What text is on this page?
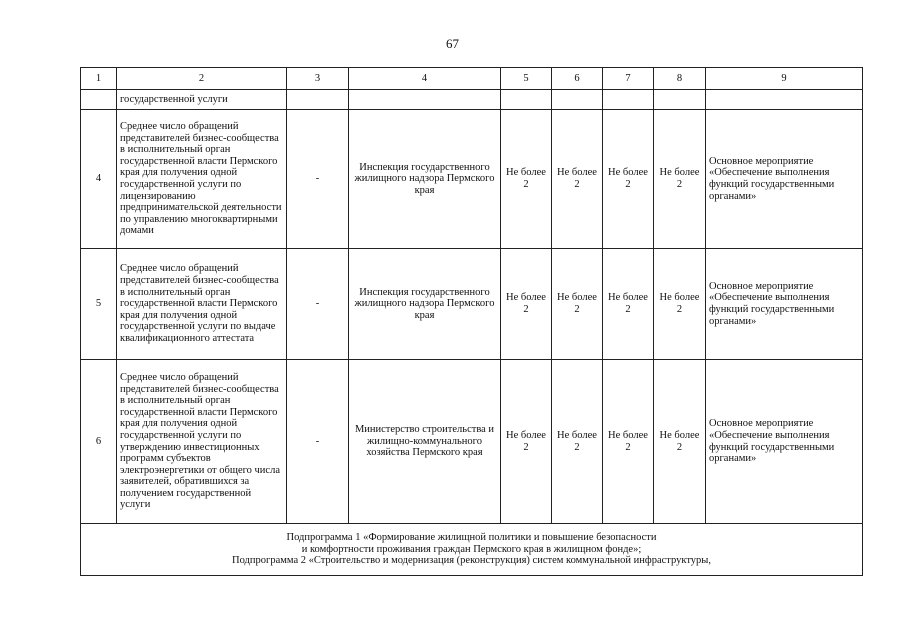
67
1	2	3	4	5	6	7	8	9
	государственной услуги							
4	Среднее число обращений представителей бизнес-сообщества в исполнительный орган государственной власти Пермского края для получения одной государственной услуги по лицензированию предпринимательской деятельности по управлению многоквартирными домами	-	Инспекция государственного жилищного надзора Пермского края	Не более 2	Не более 2	Не более 2	Не более 2	Основное мероприятие «Обеспечение выполнения функций государственными органами»
5	Среднее число обращений представителей бизнес-сообщества в исполнительный орган государственной власти Пермского края для получения одной государственной услуги по выдаче квалификационного аттестата	-	Инспекция государственного жилищного надзора Пермского края	Не более 2	Не более 2	Не более 2	Не более 2	Основное мероприятие «Обеспечение выполнения функций государственными органами»
6	Среднее число обращений представителей бизнес-сообщества в исполнительный орган государственной власти Пермского края для получения одной государственной услуги по утверждению инвестиционных программ субъектов электроэнергетики от общего числа заявителей, обратившихся за получением государственной услуги	-	Министерство строительства и жилищно-коммунального хозяйства Пермского края	Не более 2	Не более 2	Не более 2	Не более 2	Основное мероприятие «Обеспечение выполнения функций государственными органами»

Подпрограмма 1 «Формирование жилищной политики и повышение безопасности
и комфортности проживания граждан Пермского края в жилищном фонде»;
Подпрограмма 2 «Строительство и модернизация (реконструкция) систем коммунальной инфраструктуры,								
